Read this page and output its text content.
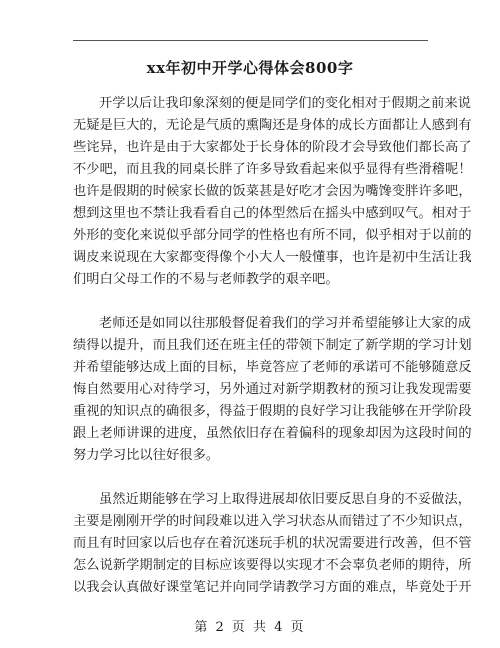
xx年初中开学心得体会800字
开学以后让我印象深刻的便是同学们的变化相对于假期之前来说
无疑是巨大的，无论是气质的熏陶还是身体的成长方面都让人感到有
些诧异，也许是由于大家都处于长身体的阶段才会导致他们都长高了
不少吧，而且我的同桌长胖了许多导致看起来似乎显得有些滑稽呢！
也许是假期的时候家长做的饭菜甚是好吃才会因为嘴馋变胖许多吧，
想到这里也不禁让我看看自己的体型然后在摇头中感到叹气。相对于
外形的变化来说似乎部分同学的性格也有所不同，似乎相对于以前的
调皮来说现在大家都变得像个小大人一般懂事，也许是初中生活让我
们明白父母工作的不易与老师教学的艰辛吧。
老师还是如同以往那般督促着我们的学习并希望能够让大家的成
绩得以提升，而且我们还在班主任的带领下制定了新学期的学习计划
并希望能够达成上面的目标，毕竟答应了老师的承诺可不能够随意反
悔自然要用心对待学习，另外通过对新学期教材的预习让我发现需要
重视的知识点的确很多，得益于假期的良好学习让我能够在开学阶段
跟上老师讲课的进度，虽然依旧存在着偏科的现象却因为这段时间的
努力学习比以往好很多。
虽然近期能够在学习上取得进展却依旧要反思自身的不妥做法，
主要是刚刚开学的时间段难以进入学习状态从而错过了不少知识点，
而且有时回家以后也存在着沉迷玩手机的状况需要进行改善，但不管
怎么说新学期制定的目标应该要得以实现才不会辜负老师的期待，所
以我会认真做好课堂笔记并向同学请教学习方面的难点，毕竟处于开
第 2 页 共 4 页
